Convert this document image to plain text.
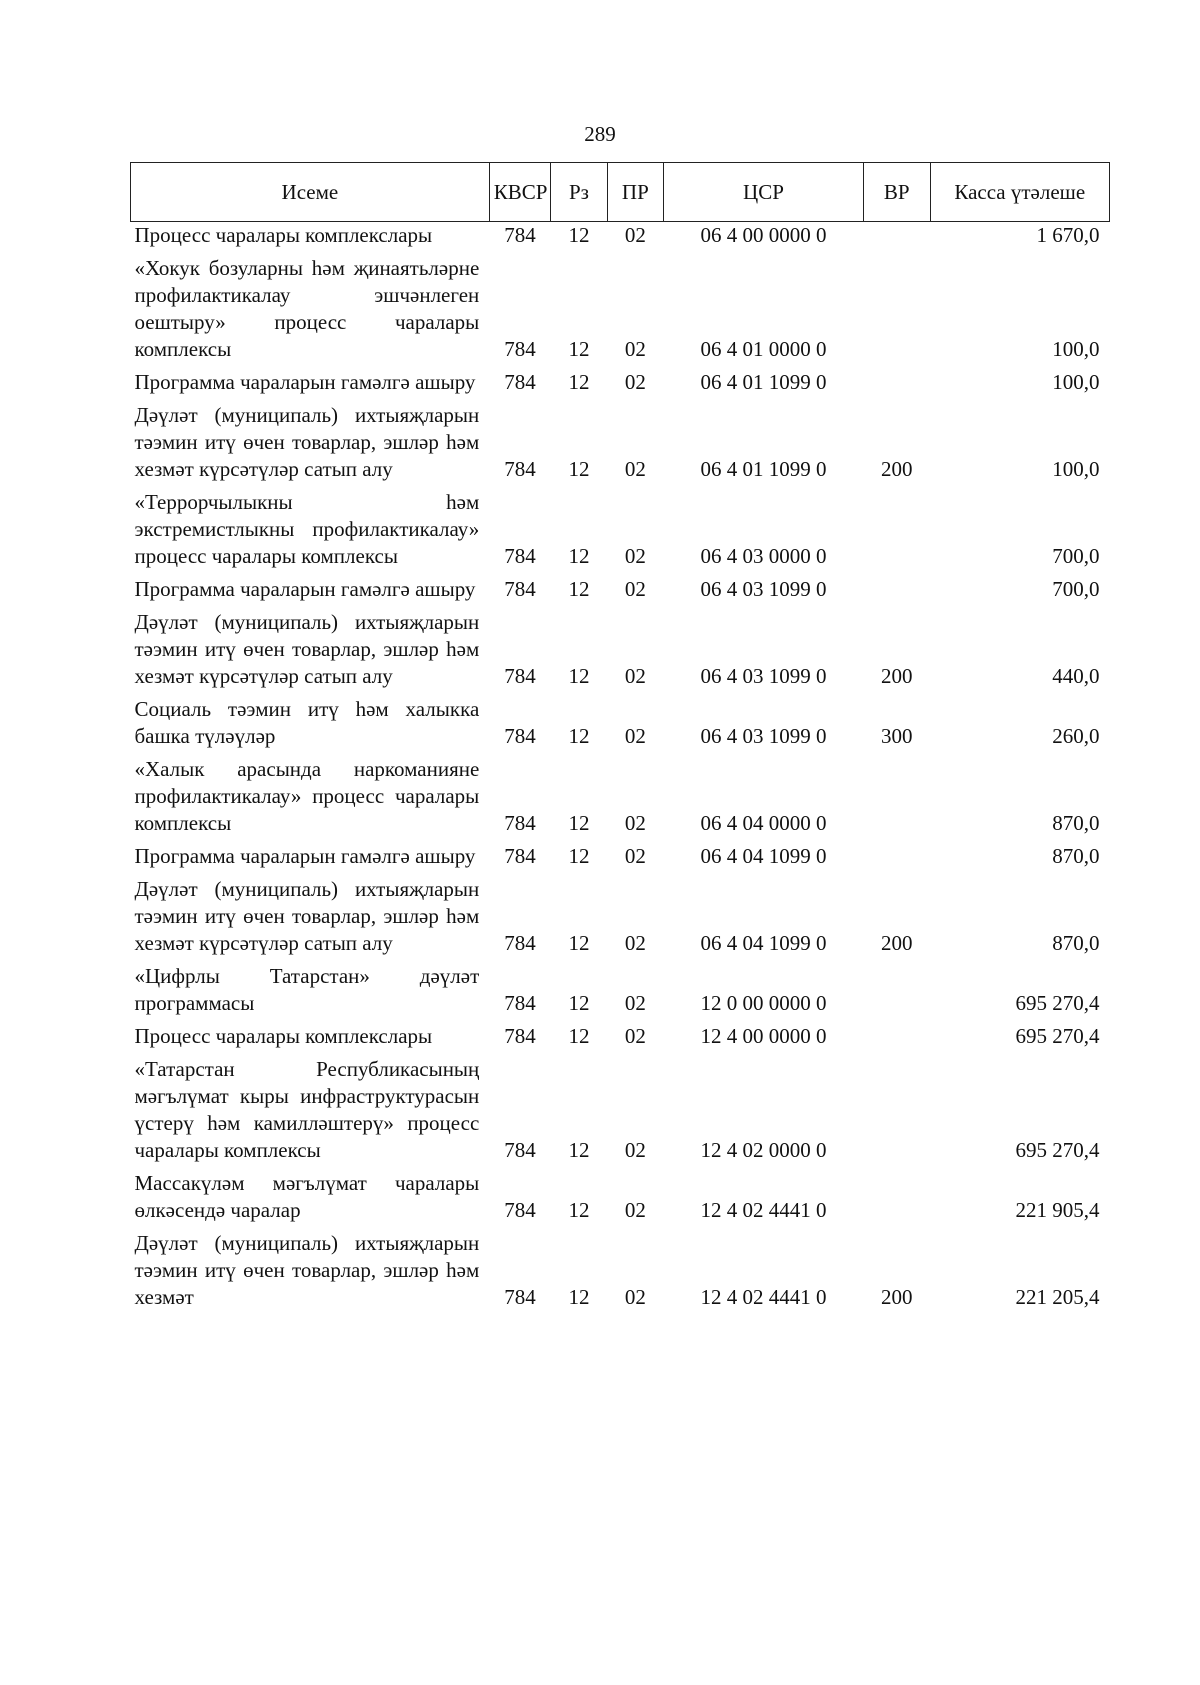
289
Исеме	КВСР	Рз	ПР	ЦСР	ВР	Касса үтәлеше
Процесс чаралары комплекслары	784	12	02	06 4 00 0000 0		1 670,0
«Хокук бозуларны һәм җинаятьләрне профилактикалау эшчәнлеген оештыру» процесс чаралары комплексы	784	12	02	06 4 01 0000 0		100,0
Программа чараларын гамәлгә ашыру	784	12	02	06 4 01 1099 0		100,0
Дәүләт (муниципаль) ихтыяҗларын тәэмин итү өчен товарлар, эшләр һәм хезмәт күрсәтүләр сатып алу	784	12	02	06 4 01 1099 0	200	100,0
«Террорчылыкны һәм экстремистлыкны профилактикалау» процесс чаралары комплексы	784	12	02	06 4 03 0000 0		700,0
Программа чараларын гамәлгә ашыру	784	12	02	06 4 03 1099 0		700,0
Дәүләт (муниципаль) ихтыяҗларын тәэмин итү өчен товарлар, эшләр һәм хезмәт күрсәтүләр сатып алу	784	12	02	06 4 03 1099 0	200	440,0
Социаль тәэмин итү һәм халыкка башка түләүләр	784	12	02	06 4 03 1099 0	300	260,0
«Халык арасында наркоманияне профилактикалау» процесс чаралары комплексы	784	12	02	06 4 04 0000 0		870,0
Программа чараларын гамәлгә ашыру	784	12	02	06 4 04 1099 0		870,0
Дәүләт (муниципаль) ихтыяҗларын тәэмин итү өчен товарлар, эшләр һәм хезмәт күрсәтүләр сатып алу	784	12	02	06 4 04 1099 0	200	870,0
«Цифрлы Татарстан» дәүләт программасы	784	12	02	12 0 00 0000 0		695 270,4
Процесс чаралары комплекслары	784	12	02	12 4 00 0000 0		695 270,4
«Татарстан Республикасының мәгълүмат кыры инфраструктурасын үстерү һәм камилләштерү» процесс чаралары комплексы	784	12	02	12 4 02 0000 0		695 270,4
Массакүләм мәгълүмат чаралары өлкәсендә чаралар	784	12	02	12 4 02 4441 0		221 905,4
Дәүләт (муниципаль) ихтыяҗларын тәэмин итү өчен товарлар, эшләр һәм хезмәт	784	12	02	12 4 02 4441 0	200	221 205,4
